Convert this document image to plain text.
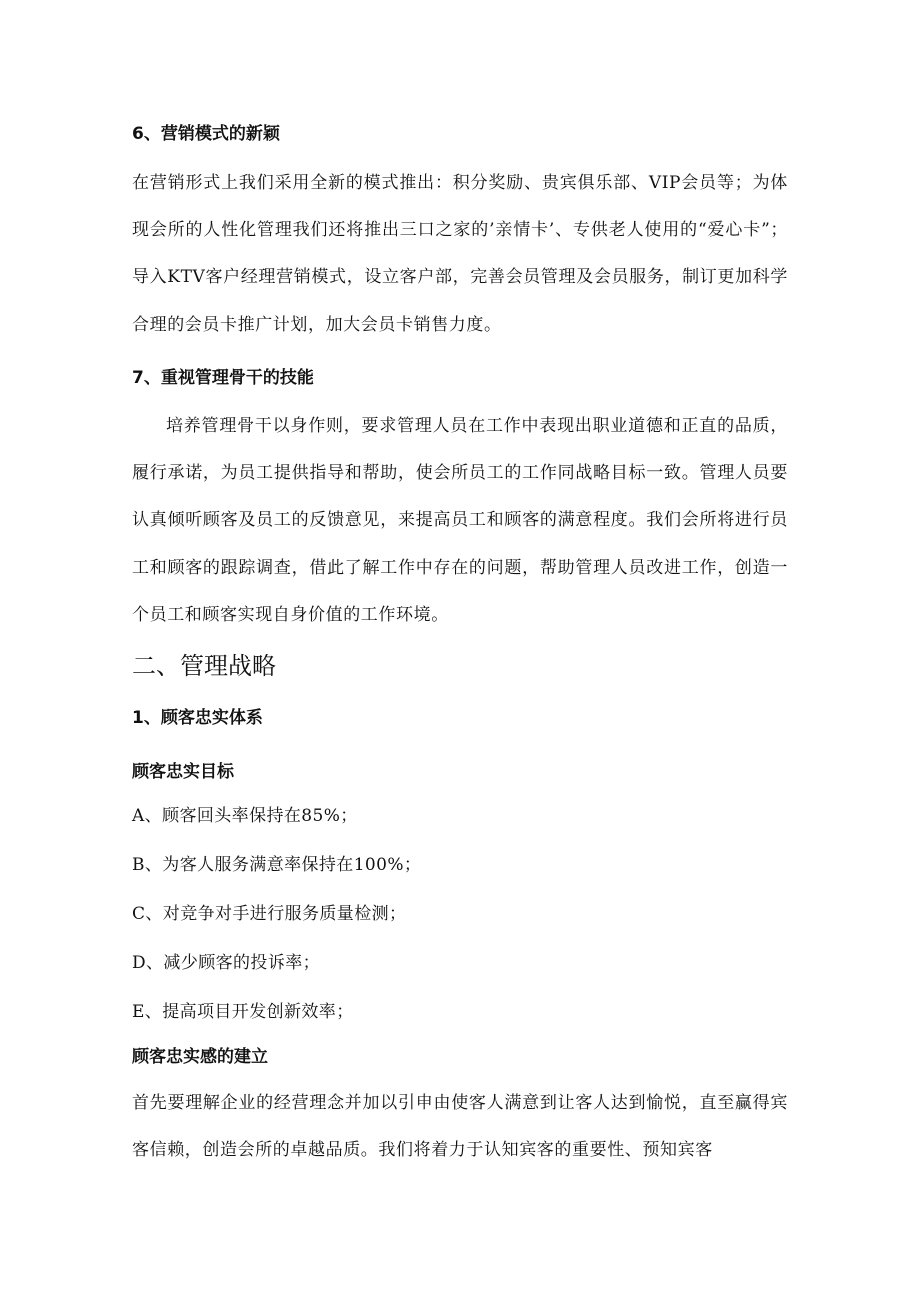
6、营销模式的新颖

在营销形式上我们采用全新的模式推出：积分奖励、贵宾俱乐部、VIP会员等；为体现会所的人性化管理我们还将推出三口之家的’亲情卡’、专供老人使用的“爱心卡”；导入KTV客户经理营销模式，设立客户部，完善会员管理及会员服务，制订更加科学合理的会员卡推广计划，加大会员卡销售力度。

7、重视管理骨干的技能

培养管理骨干以身作则，要求管理人员在工作中表现出职业道德和正直的品质，履行承诺，为员工提供指导和帮助，使会所员工的工作同战略目标一致。管理人员要认真倾听顾客及员工的反馈意见，来提高员工和顾客的满意程度。我们会所将进行员工和顾客的跟踪调查，借此了解工作中存在的问题，帮助管理人员改进工作，创造一个员工和顾客实现自身价值的工作环境。

二、管理战略
1、顾客忠实体系
顾客忠实目标
A、顾客回头率保持在85%；
B、为客人服务满意率保持在100%；
C、对竞争对手进行服务质量检测；
D、减少顾客的投诉率；
E、提高项目开发创新效率；
顾客忠实感的建立

首先要理解企业的经营理念并加以引申由使客人满意到让客人达到愉悦，直至赢得宾客信赖，创造会所的卓越品质。我们将着力于认知宾客的重要性、预知宾客
